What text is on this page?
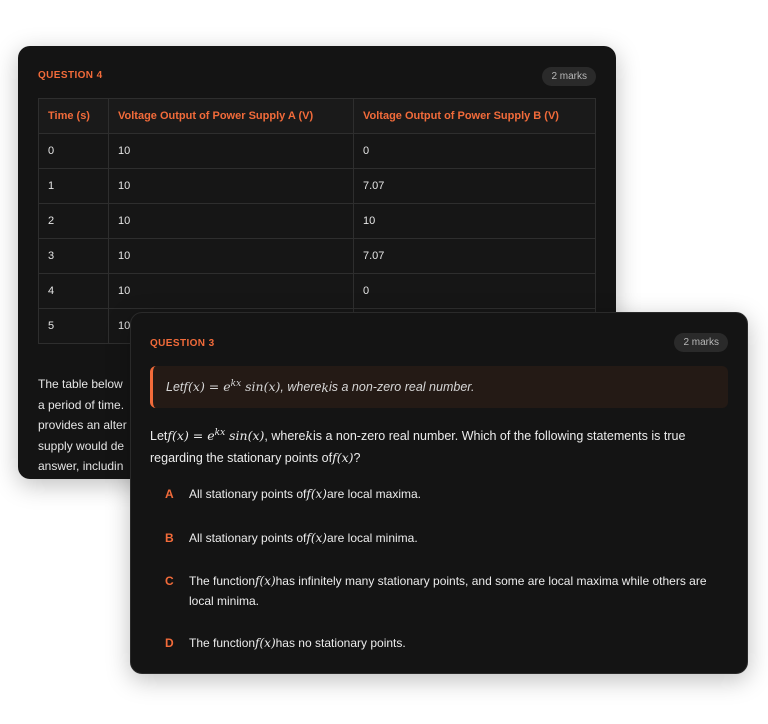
QUESTION 4	2 marks
Time (s)	Voltage Output of Power Supply A (V)	Voltage Output of Power Supply B (V)
0	10	0
1	10	7.07
2	10	10
3	10	7.07
4	10	0
5	10	
The table below
a period of time.
provides an alter
supply would de
answer, includin
QUESTION 3	2 marks
Let $f(x) = e^{kx}$ sin(x) , where k is a non-zero real number.
Letf(x) = $e^{kx}$ sin(x), wherekis a non-zero real number. Which of the following statements is true regarding the stationary points off(x)?
A All stationary points off(x)are local maxima.
B All stationary points off(x)are local minima.
C The functionf(x)has infinitely many stationary points, and some are local maxima while others are local minima.
D The functionf(x)has no stationary points.
